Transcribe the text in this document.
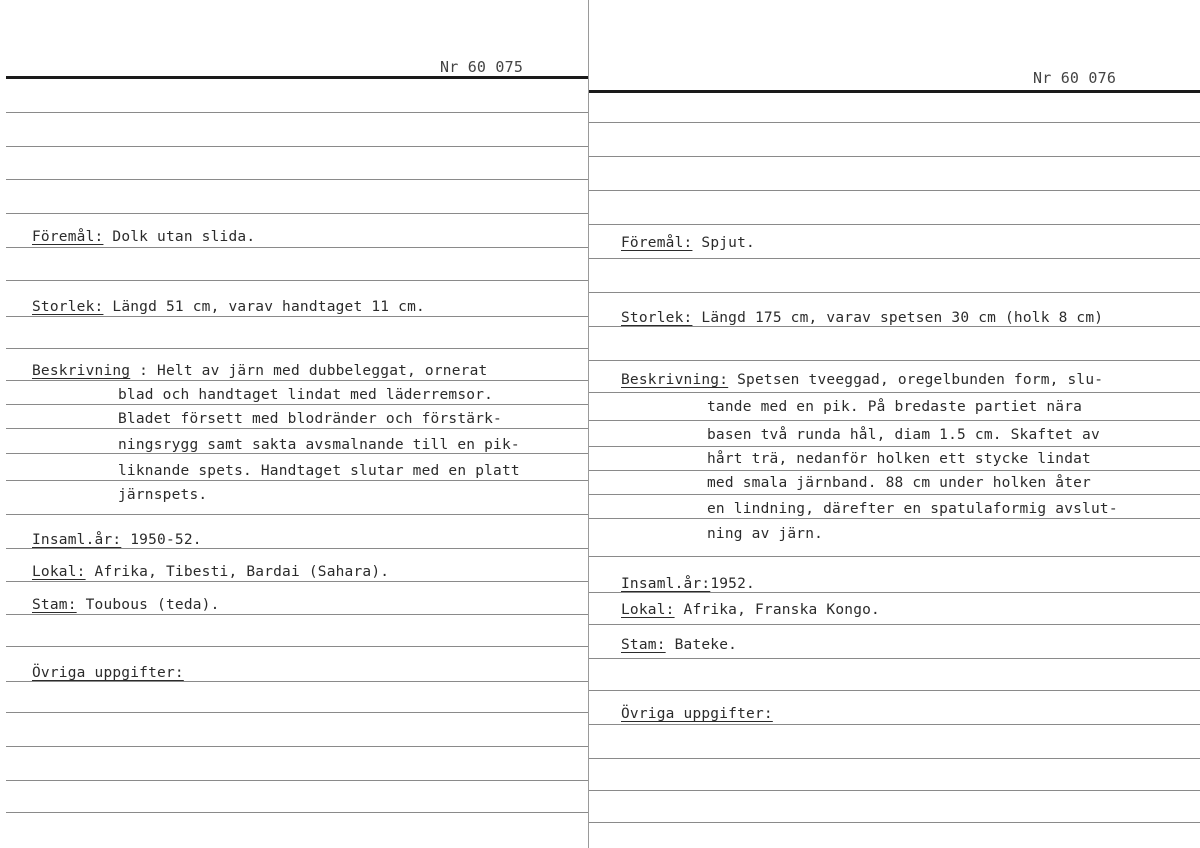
Nr 60 075
Föremål: Dolk utan slida.
Storlek: Längd 51 cm, varav handtaget 11 cm.
Beskrivning : Helt av järn med dubbeleggat, ornerat
blad och handtaget lindat med läderremsor.
Bladet försett med blodränder och förstärk-
ningsrygg samt sakta avsmalnande till en pik-
liknande spets. Handtaget slutar med en platt
järnspets.
Insaml.år: 1950-52.
Lokal: Afrika, Tibesti, Bardai (Sahara).
Stam: Toubous (teda).
Övriga uppgifter:
Nr 60 076
Föremål: Spjut.
Storlek: Längd 175 cm, varav spetsen 30 cm (holk 8 cm)
Beskrivning: Spetsen tveeggad, oregelbunden form, slu-
tande med en pik. På bredaste partiet nära
basen två runda hål, diam 1.5 cm. Skaftet av
hårt trä, nedanför holken ett stycke lindat
med smala järnband. 88 cm under holken åter
en lindning, därefter en spatulaformig avslut-
ning av järn.
Insaml.år:1952.
Lokal: Afrika, Franska Kongo.
Stam: Bateke.
Övriga uppgifter:
